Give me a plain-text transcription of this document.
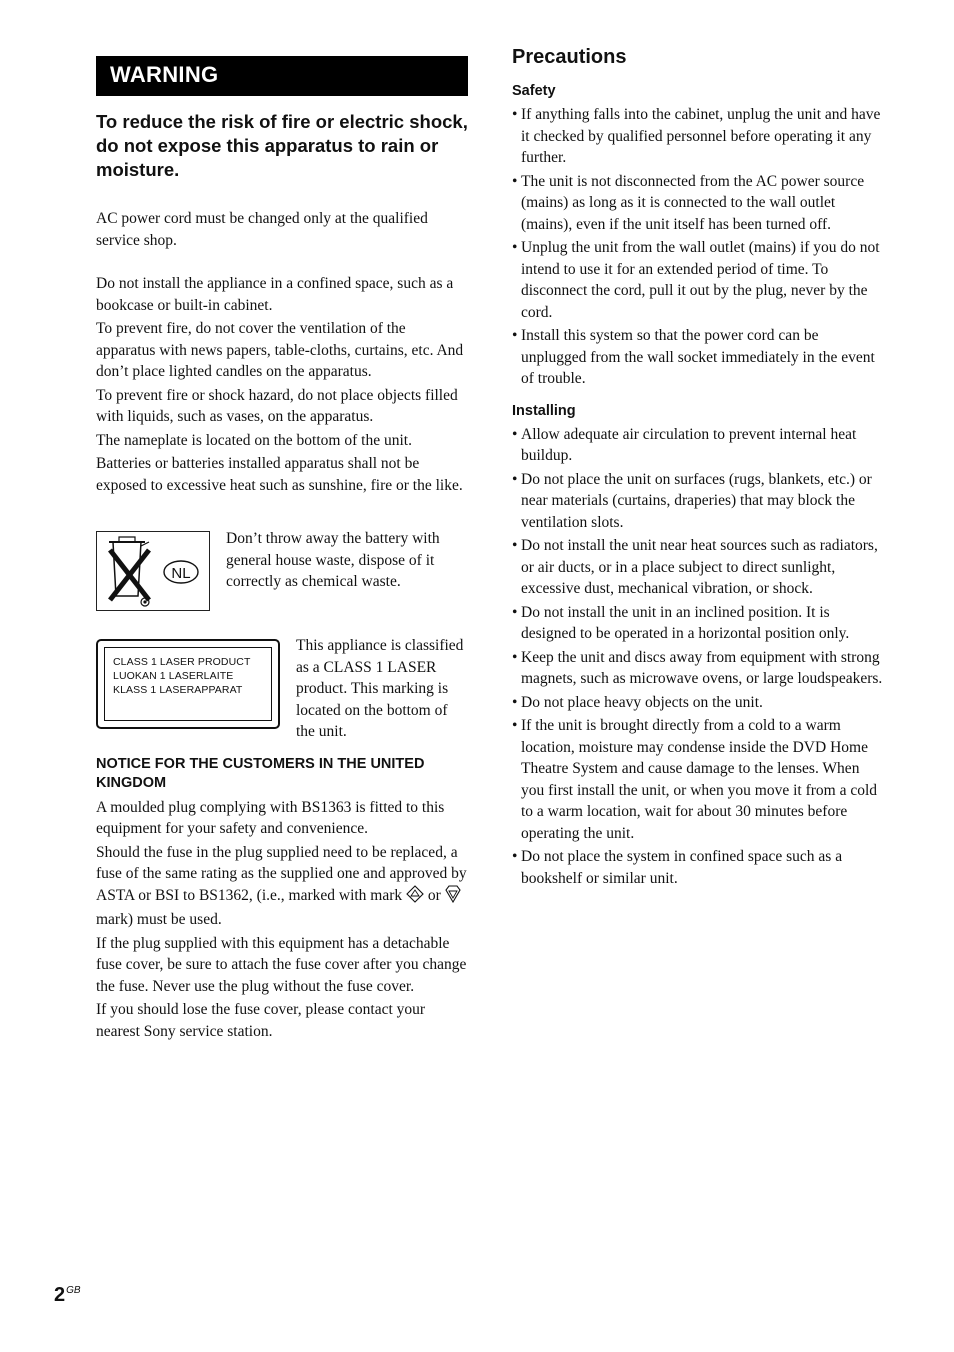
WARNING
To reduce the risk of fire or electric shock, do not expose this apparatus to rain or moisture.

AC power cord must be changed only at the qualified service shop.

Do not install the appliance in a confined space, such as a bookcase or built-in cabinet.

To prevent fire, do not cover the ventilation of the apparatus with news papers, table-cloths, curtains, etc. And don’t place lighted candles on the apparatus.

To prevent fire or shock hazard, do not place objects filled with liquids, such as vases, on the apparatus.

The nameplate is located on the bottom of the unit.

Batteries or batteries installed apparatus shall not be exposed to excessive heat such as sunshine, fire or the like.

NL
Don’t throw away the battery with general house waste, dispose of it correctly as chemical waste.
CLASS 1 LASER PRODUCT
LUOKAN 1 LASERLAITE
KLASS 1 LASERAPPARAT
This appliance is classified as a CLASS 1 LASER product. This marking is located on the bottom of the unit.
NOTICE FOR THE CUSTOMERS IN THE UNITED KINGDOM

A moulded plug complying with BS1363 is fitted to this equipment for your safety and convenience.

Should the fuse in the plug supplied need to be replaced, a fuse of the same rating as the supplied one and approved by ASTA or BSI to BS1362, (i.e., marked with mark or  mark) must be used.

If the plug supplied with this equipment has a detachable fuse cover, be sure to attach the fuse cover after you change the fuse. Never use the plug without the fuse cover.

If you should lose the fuse cover, please contact your nearest Sony service station.

Precautions
Safety
• If anything falls into the cabinet, unplug the unit and have it checked by qualified personnel before operating it any further.
• The unit is not disconnected from the AC power source (mains) as long as it is connected to the wall outlet (mains), even if the unit itself has been turned off.
• Unplug the unit from the wall outlet (mains) if you do not intend to use it for an extended period of time. To disconnect the cord, pull it out by the plug, never by the cord.
• Install this system so that the power cord can be unplugged from the wall socket immediately in the event of trouble.
Installing
• Allow adequate air circulation to prevent internal heat buildup.
• Do not place the unit on surfaces (rugs, blankets, etc.) or near materials (curtains, draperies) that may block the ventilation slots.
• Do not install the unit near heat sources such as radiators, or air ducts, or in a place subject to direct sunlight, excessive dust, mechanical vibration, or shock.
• Do not install the unit in an inclined position. It is designed to be operated in a horizontal position only.
• Keep the unit and discs away from equipment with strong magnets, such as microwave ovens, or large loudspeakers.
• Do not place heavy objects on the unit.
• If the unit is brought directly from a cold to a warm location, moisture may condense inside the DVD Home Theatre System and cause damage to the lenses. When you first install the unit, or when you move it from a cold to a warm location, wait for about 30 minutes before operating the unit.
• Do not place the system in confined space such as a bookshelf or similar unit.
$2^{GB}$
